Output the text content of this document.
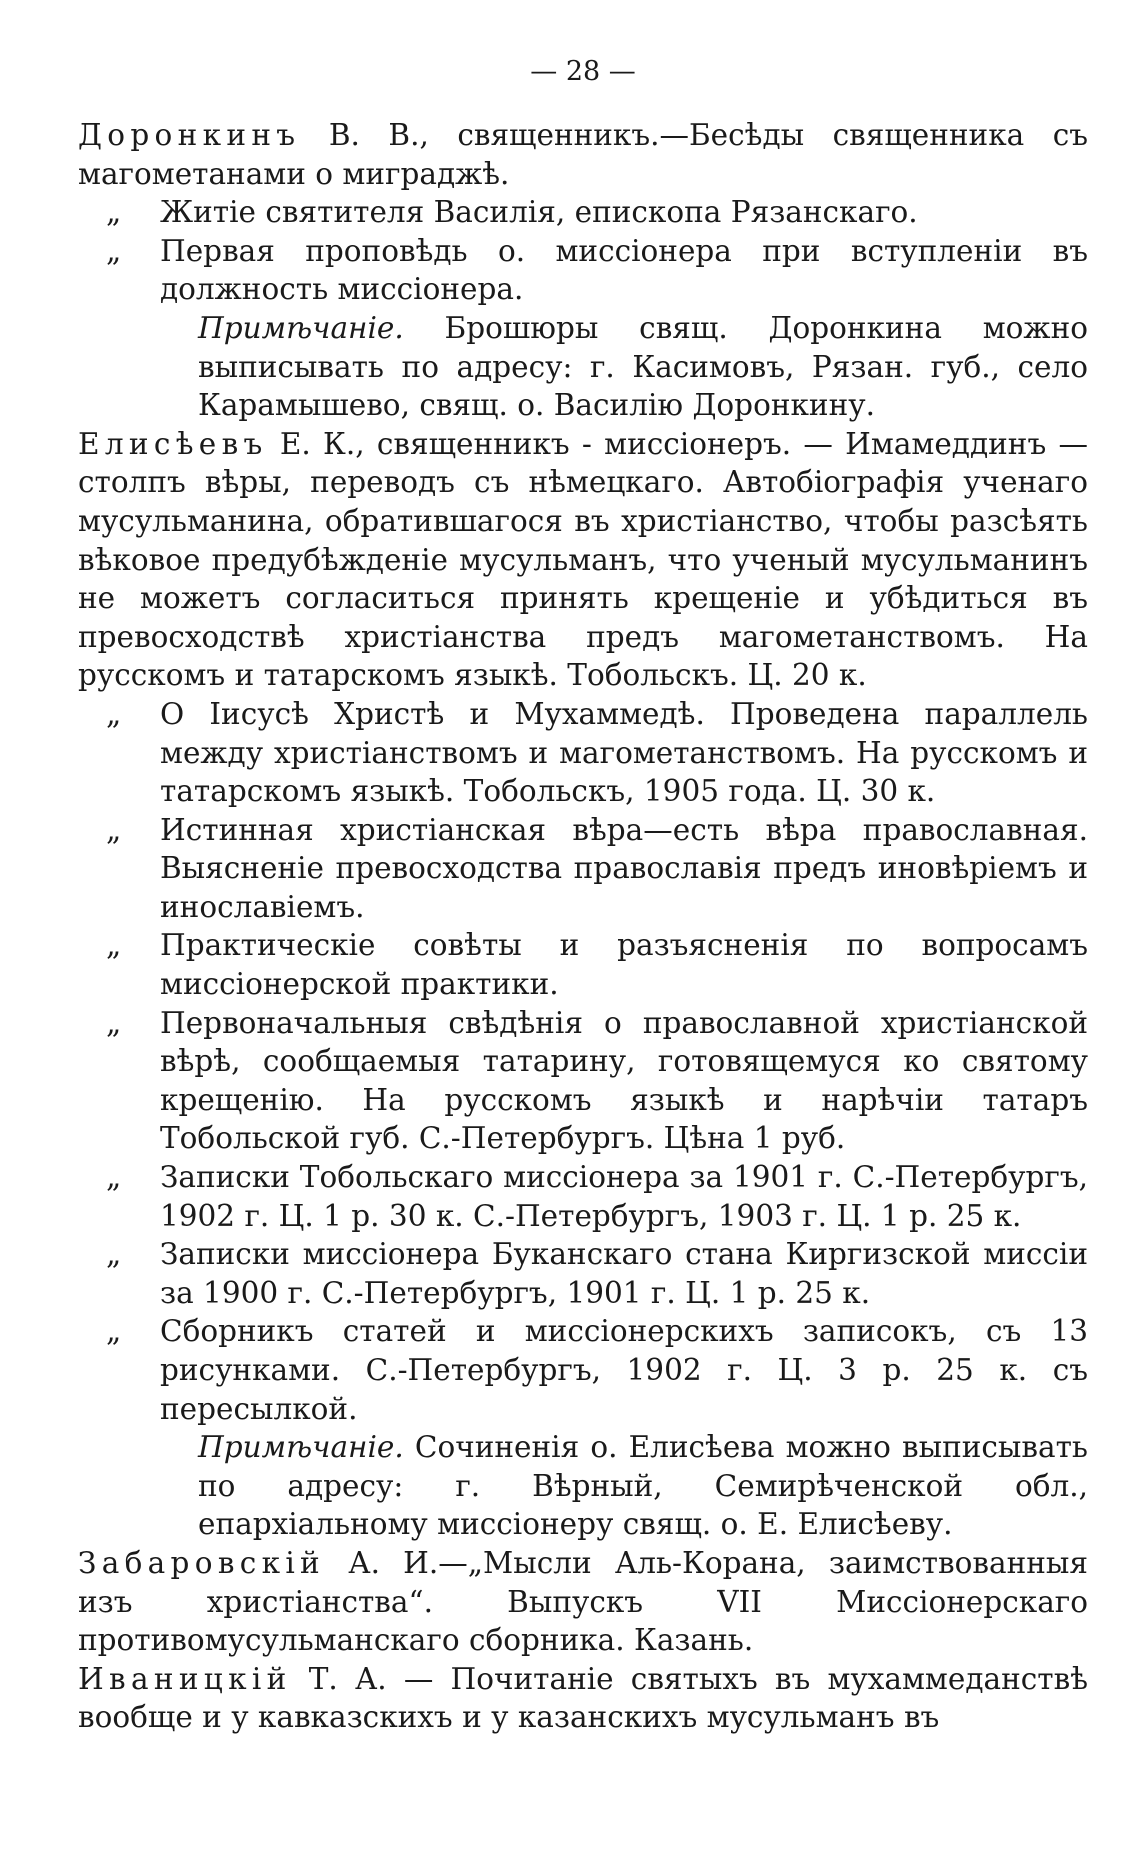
— 28 —

Доронкинъ В. В., священникъ.—Бесѣды священника съ магометанами о миграджѣ.

„	Житіе святителя Василія, епископа Рязанскаго.

„	Первая проповѣдь о. миссіонера при вступленіи въ должность миссіонера.

Примѣчаніе. Брошюры свящ. Доронкина можно выписывать по адресу: г. Касимовъ, Рязан. губ., село Карамышево, свящ. о. Василію Доронкину.

Елисѣевъ Е. К., священникъ - миссіонеръ. — Имамеддинъ — столпъ вѣры, переводъ съ нѣмецкаго. Автобіографія ученаго мусульманина, обратившагося въ христіанство, чтобы разсѣять вѣковое предубѣжденіе мусульманъ, что ученый мусульманинъ не можетъ согласиться принять крещеніе и убѣдиться въ превосходствѣ христіанства предъ магометанствомъ. На русскомъ и татарскомъ языкѣ. Тобольскъ. Ц. 20 к.

„	О Іисусѣ Христѣ и Мухаммедѣ. Проведена параллель между христіанствомъ и магометанствомъ. На русскомъ и татарскомъ языкѣ. Тобольскъ, 1905 года. Ц. 30 к.

„	Истинная христіанская вѣра—есть вѣра православная. Выясненіе превосходства православія предъ иновѣріемъ и инославіемъ.

„	Практическіе совѣты и разъясненія по вопросамъ миссіонерской практики.

„	Первоначальныя свѣдѣнія о православной христіанской вѣрѣ, сообщаемыя татарину, готовящемуся ко святому крещенію. На русскомъ языкѣ и нарѣчіи татаръ Тобольской губ. С.-Петербургъ. Цѣна 1 руб.

„	Записки Тобольскаго миссіонера за 1901 г. С.-Петербургъ, 1902 г. Ц. 1 р. 30 к. С.-Петербургъ, 1903 г. Ц. 1 р. 25 к.

„	Записки миссіонера Буканскаго стана Киргизской миссіи за 1900 г. С.-Петербургъ, 1901 г. Ц. 1 р. 25 к.

„	Сборникъ статей и миссіонерскихъ записокъ, съ 13 рисунками. С.-Петербургъ, 1902 г. Ц. 3 р. 25 к. съ пересылкой.

Примѣчаніе. Сочиненія о. Елисѣева можно выписывать по адресу: г. Вѣрный, Семирѣченской обл., епархіальному миссіонеру свящ. о. Е. Елисѣеву.

Забаровскій А. И.—„Мысли Аль-Корана, заимствованныя изъ христіанства“. Выпускъ VII Миссіонерскаго противомусульманскаго сборника. Казань.

Иваницкій Т. А. — Почитаніе святыхъ въ мухаммеданствѣ вообще и у кавказскихъ и у казанскихъ мусульманъ въ
